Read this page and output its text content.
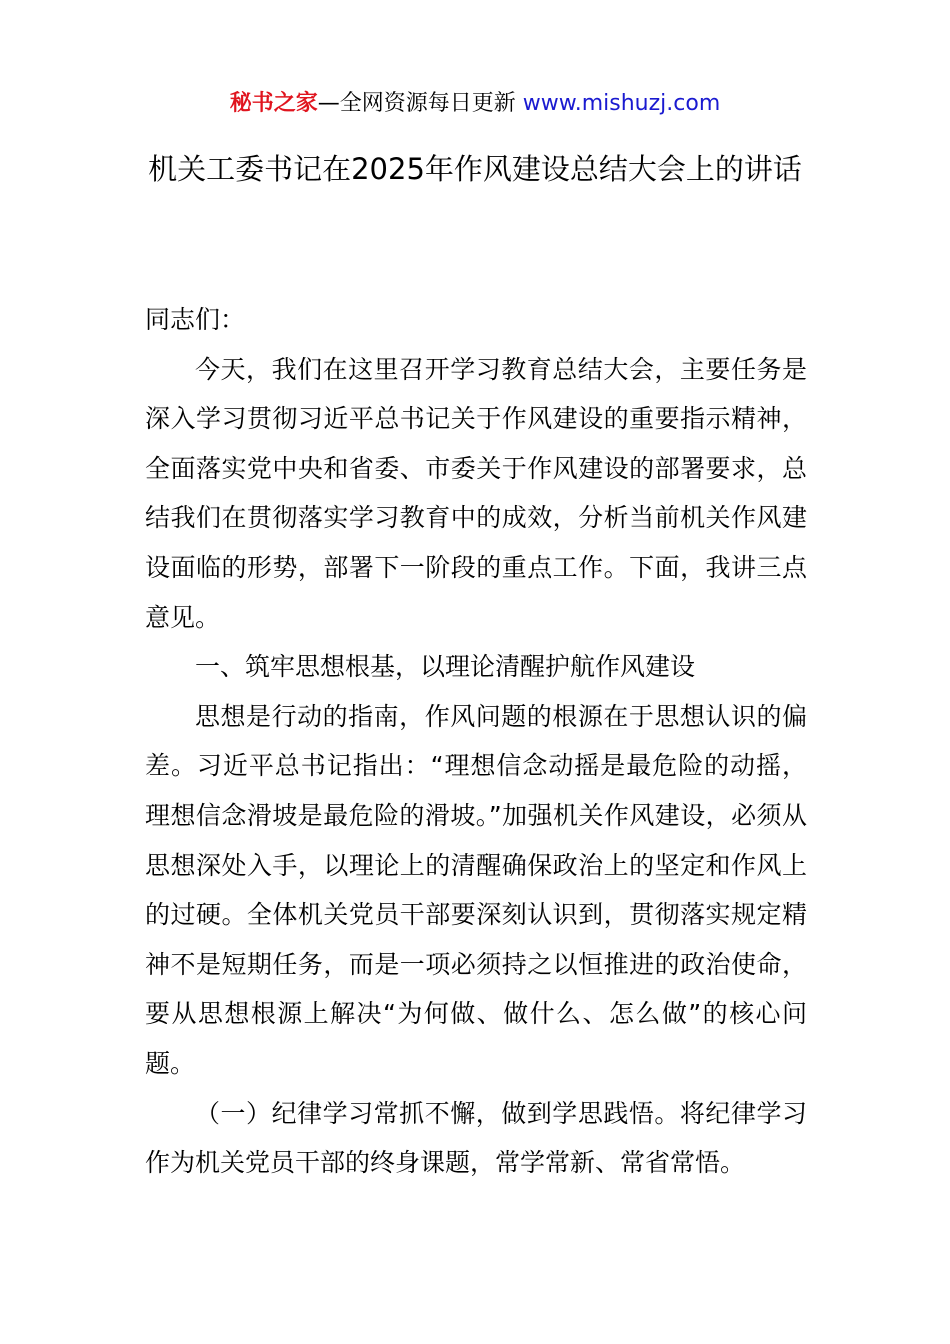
秘书之家—全网资源每日更新 www.mishuzj.com
机关工委书记在2025年作风建设总结大会上的讲话

同志们：

今天，我们在这里召开学习教育总结大会，主要任务是深入学习贯彻习近平总书记关于作风建设的重要指示精神，全面落实党中央和省委、市委关于作风建设的部署要求，总结我们在贯彻落实学习教育中的成效，分析当前机关作风建设面临的形势，部署下一阶段的重点工作。下面，我讲三点意见。

一、筑牢思想根基，以理论清醒护航作风建设

思想是行动的指南，作风问题的根源在于思想认识的偏差。习近平总书记指出：“理想信念动摇是最危险的动摇，理想信念滑坡是最危险的滑坡。”加强机关作风建设，必须从思想深处入手，以理论上的清醒确保政治上的坚定和作风上的过硬。全体机关党员干部要深刻认识到，贯彻落实规定精神不是短期任务，而是一项必须持之以恒推进的政治使命，要从思想根源上解决“为何做、做什么、怎么做”的核心问题。

（一）纪律学习常抓不懈，做到学思践悟。将纪律学习作为机关党员干部的终身课题，常学常新、常省常悟。
